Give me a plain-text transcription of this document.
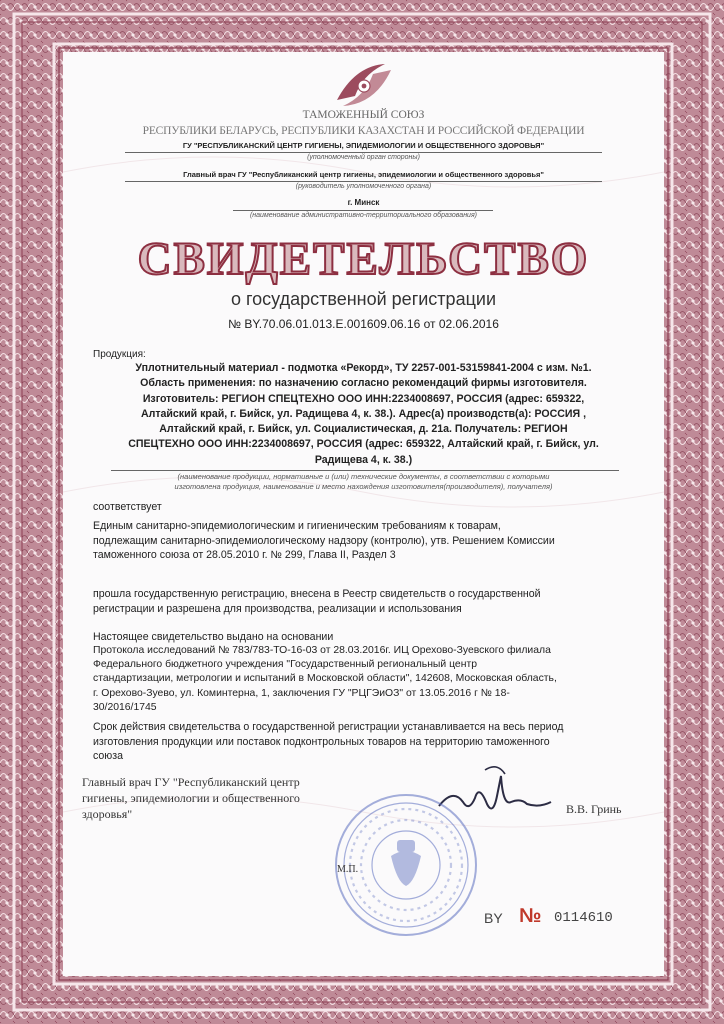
ТАМОЖЕННЫЙ СОЮЗ
РЕСПУБЛИКИ БЕЛАРУСЬ, РЕСПУБЛИКИ КАЗАХСТАН И РОССИЙСКОЙ ФЕДЕРАЦИИ
ГУ "РЕСПУБЛИКАНСКИЙ ЦЕНТР ГИГИЕНЫ, ЭПИДЕМИОЛОГИИ И ОБЩЕСТВЕННОГО ЗДОРОВЬЯ"
(уполномоченный орган стороны)
Главный врач ГУ "Республиканский центр гигиены, эпидемиологии и общественного здоровья"
(руководитель уполномоченного органа)
г. Минск
(наименование административно-территориального образования)
СВИДЕТЕЛЬСТВО
о государственной регистрации
№ BY.70.06.01.013.E.001609.06.16 от 02.06.2016
Продукция:
Уплотнительный материал - подмотка «Рекорд», ТУ 2257-001-53159841-2004 с изм. №1.
Область применения: по назначению согласно рекомендаций фирмы изготовителя.
Изготовитель: РЕГИОН СПЕЦТЕХНО ООО ИНН:2234008697, РОССИЯ (адрес: 659322,
Алтайский край, г. Бийск, ул. Радищева 4, к. 38.). Адрес(а) производств(а): РОССИЯ ,
Алтайский край, г. Бийск, ул. Социалистическая, д. 21а. Получатель: РЕГИОН
СПЕЦТЕХНО ООО ИНН:2234008697, РОССИЯ (адрес: 659322, Алтайский край, г. Бийск, ул.
Радищева 4, к. 38.)
(наименование продукции, нормативные и (или) технические документы, в соответствии с которыми
изготовлена продукция, наименование и место нахождения изготовителя(производителя), получателя)
соответствует
Единым санитарно-эпидемиологическим и гигиеническим требованиям к товарам,
подлежащим санитарно-эпидемиологическому надзору (контролю), утв. Решением Комиссии
таможенного союза от 28.05.2010 г. № 299, Глава II, Раздел 3
прошла государственную регистрацию, внесена в Реестр свидетельств о государственной
регистрации и разрешена для производства, реализации и использования
Настоящее свидетельство выдано на основании
Протокола исследований № 783/783-ТО-16-03 от 28.03.2016г. ИЦ Орехово-Зуевского филиала
Федерального бюджетного учреждения "Государственный региональный центр
стандартизации, метрологии и испытаний в Московской области", 142608, Московская область,
г. Орехово-Зуево, ул. Коминтерна, 1, заключения ГУ "РЦГЭиОЗ" от 13.05.2016 г № 18-
30/2016/1745
Срок действия свидетельства о государственной регистрации устанавливается на весь период
изготовления продукции или поставок подконтрольных товаров на территорию таможенного
союза
Главный врач ГУ "Республиканский центр
гигиены, эпидемиологии и общественного
здоровья"	В.В. Гринь
М.П.
BY № 0114610
